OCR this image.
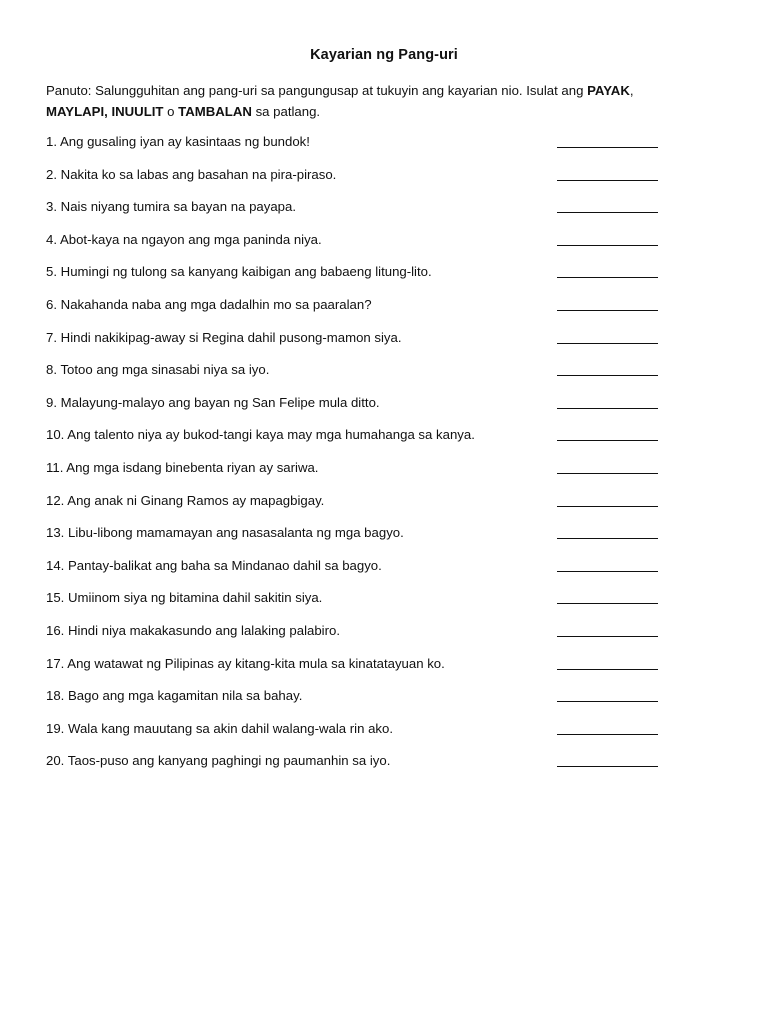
Kayarian ng Pang-uri
Panuto: Salungguhitan ang pang-uri sa pangungusap at tukuyin ang kayarian nio. Isulat ang PAYAK, MAYLAPI, INUULIT o TAMBALAN sa patlang.
1. Ang gusaling iyan ay kasintaas ng bundok!
2. Nakita ko sa labas ang basahan na pira-piraso.
3. Nais niyang tumira sa bayan na payapa.
4. Abot-kaya na ngayon ang mga paninda niya.
5. Humingi ng tulong sa kanyang kaibigan ang babaeng litung-lito.
6. Nakahanda naba ang mga dadalhin mo sa paaralan?
7. Hindi nakikipag-away si Regina dahil pusong-mamon siya.
8. Totoo ang mga sinasabi niya sa iyo.
9. Malayung-malayo ang bayan ng San Felipe mula ditto.
10. Ang talento niya ay bukod-tangi kaya may mga humahanga sa kanya.
11. Ang mga isdang binebenta riyan ay sariwa.
12. Ang anak ni Ginang Ramos ay mapagbigay.
13. Libu-libong mamamayan ang nasasalanta ng mga bagyo.
14. Pantay-balikat ang baha sa Mindanao dahil sa bagyo.
15. Umiinom siya ng bitamina dahil sakitin siya.
16. Hindi niya makakasundo ang lalaking palabiro.
17. Ang watawat ng Pilipinas ay kitang-kita mula sa kinatatayuan ko.
18. Bago ang mga kagamitan nila sa bahay.
19. Wala kang mauutang sa akin dahil walang-wala rin ako.
20. Taos-puso ang kanyang paghingi ng paumanhin sa iyo.
